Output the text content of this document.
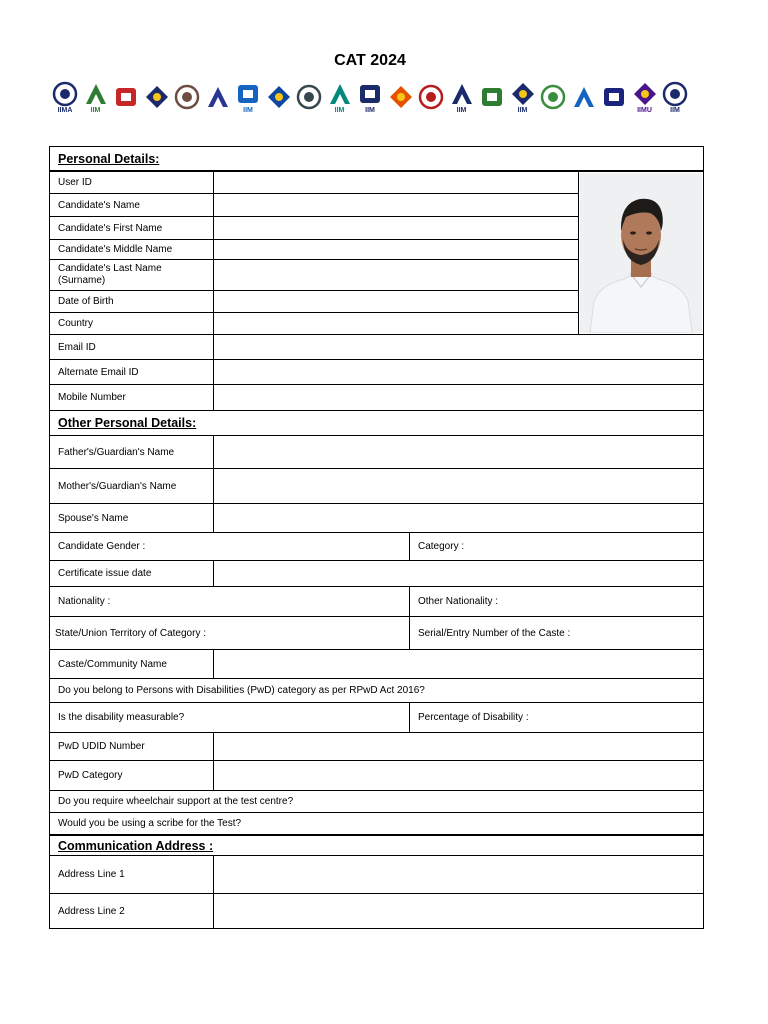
CAT 2024
IIMA	IIM	IIM	IIM	IIM	IIM	IIM	IIMU	IIM
Personal Details:
User ID
Candidate's Name
Candidate's First Name
Candidate's Middle Name
Candidate's Last Name
(Surname)
Date of Birth
Country
Email ID
Alternate Email ID
Mobile Number
Other Personal Details:
Father's/Guardian's Name
Mother's/Guardian's Name
Spouse's Name
Candidate Gender :	Category :
Certificate issue date
Nationality :	Other Nationality :
State/Union Territory of Category :	Serial/Entry Number of the Caste :
Caste/Community Name
Do you belong to Persons with Disabilities (PwD) category as per RPwD Act 2016?
Is the disability measurable?	Percentage of Disability :
PwD UDID Number
PwD Category
Do you require wheelchair support at the test centre?
Would you be using a scribe for the Test?
Communication Address :
Address Line 1
Address Line 2
